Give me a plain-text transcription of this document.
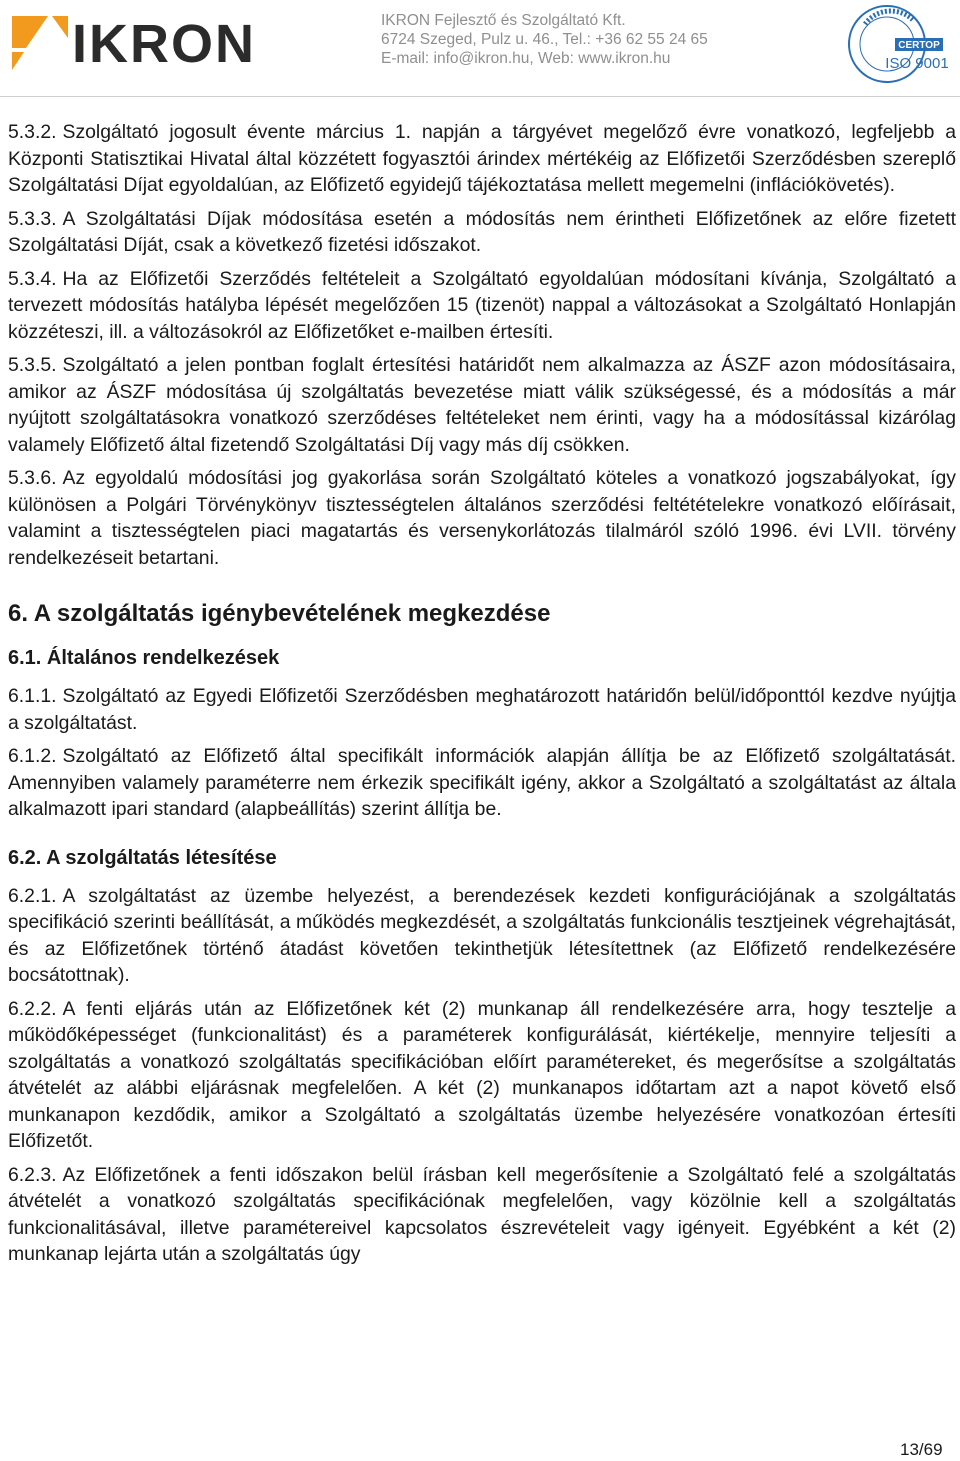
IKRON	IKRON Fejlesztő és Szolgáltató Kft.
6724 Szeged, Pulz u. 46., Tel.: +36 62 55 24 65
E-mail: info@ikron.hu, Web: www.ikron.hu
CERTOP
ISO 9001

5.3.2. Szolgáltató jogosult évente március 1. napján a tárgyévet megelőző évre vonatkozó, legfeljebb a Központi Statisztikai Hivatal által közzétett fogyasztói árindex mértékéig az Előfizetői Szerződésben szereplő Szolgáltatási Díjat egyoldalúan, az Előfizető egyidejű tájékoztatása mellett megemelni (inflációkövetés).

5.3.3. A Szolgáltatási Díjak módosítása esetén a módosítás nem érintheti Előfizetőnek az előre fizetett Szolgáltatási Díját, csak a következő fizetési időszakot.

5.3.4. Ha az Előfizetői Szerződés feltételeit a Szolgáltató egyoldalúan módosítani kívánja, Szolgáltató a tervezett módosítás hatályba lépését megelőzően 15 (tizenöt) nappal a változásokat a Szolgáltató Honlapján közzéteszi, ill. a változásokról az Előfizetőket e-mailben értesíti.

5.3.5. Szolgáltató a jelen pontban foglalt értesítési határidőt nem alkalmazza az ÁSZF azon módosításaira, amikor az ÁSZF módosítása új szolgáltatás bevezetése miatt válik szükségessé, és a módosítás a már nyújtott szolgáltatásokra vonatkozó szerződéses feltételeket nem érinti, vagy ha a módosítással kizárólag valamely Előfizető által fizetendő Szolgáltatási Díj vagy más díj csökken.

5.3.6. Az egyoldalú módosítási jog gyakorlása során Szolgáltató köteles a vonatkozó jogszabályokat, így különösen a Polgári Törvénykönyv tisztességtelen általános szerződési feltétételekre vonatkozó előírásait, valamint a tisztességtelen piaci magatartás és versenykorlátozás tilalmáról szóló 1996. évi LVII. törvény rendelkezéseit betartani.

6. A szolgáltatás igénybevételének megkezdése
6.1. Általános rendelkezések

6.1.1. Szolgáltató az Egyedi Előfizetői Szerződésben meghatározott határidőn belül/időponttól kezdve nyújtja a szolgáltatást.

6.1.2. Szolgáltató az Előfizető által specifikált információk alapján állítja be az Előfizető szolgáltatását. Amennyiben valamely paraméterre nem érkezik specifikált igény, akkor a Szolgáltató a szolgáltatást az általa alkalmazott ipari standard (alapbeállítás) szerint állítja be.

6.2. A szolgáltatás létesítése

6.2.1. A szolgáltatást az üzembe helyezést, a berendezések kezdeti konfigurációjának a szolgáltatás specifikáció szerinti beállítását, a működés megkezdését, a szolgáltatás funkcionális tesztjeinek végrehajtását, és az Előfizetőnek történő átadást követően tekinthetjük létesítettnek (az Előfizető rendelkezésére bocsátottnak).

6.2.2. A fenti eljárás után az Előfizetőnek két (2) munkanap áll rendelkezésére arra, hogy tesztelje a működőképességet (funkcionalitást) és a paraméterek konfigurálását, kiértékelje, mennyire teljesíti a szolgáltatás a vonatkozó szolgáltatás specifikációban előírt paramétereket, és megerősítse a szolgáltatás átvételét az alábbi eljárásnak megfelelően. A két (2) munkanapos időtartam azt a napot követő első munkanapon kezdődik, amikor a Szolgáltató a szolgáltatás üzembe helyezésére vonatkozóan értesíti Előfizetőt.

6.2.3. Az Előfizetőnek a fenti időszakon belül írásban kell megerősítenie a Szolgáltató felé a szolgáltatás átvételét a vonatkozó szolgáltatás specifikációnak megfelelően, vagy közölnie kell a szolgáltatás funkcionalitásával, illetve paramétereivel kapcsolatos észrevételeit vagy igényeit. Egyébként a két (2) munkanap lejárta után a szolgáltatás úgy

13/69
